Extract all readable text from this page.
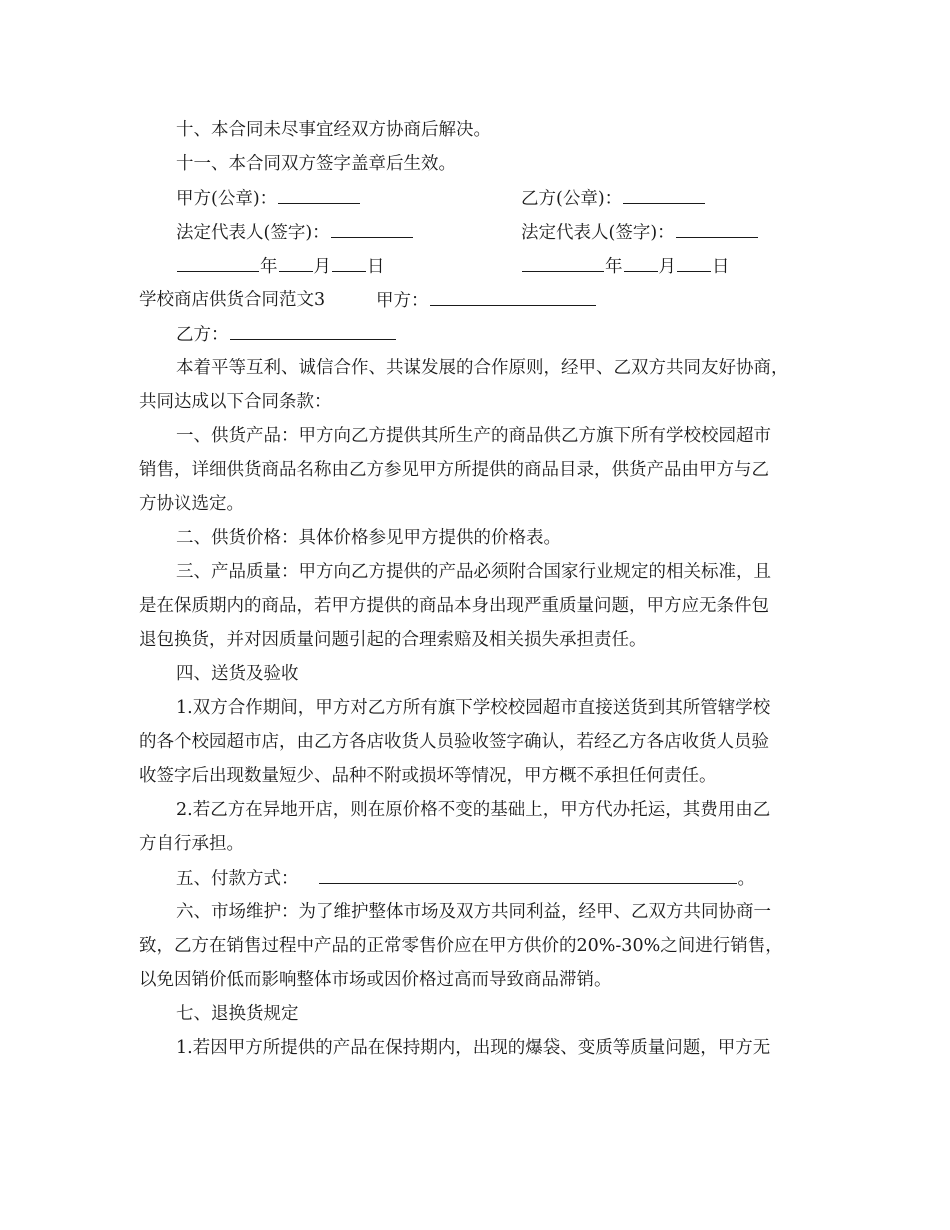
十、本合同未尽事宜经双方协商后解决。
十一、本合同双方签字盖章后生效。
甲方(公章)：	乙方(公章)：
法定代表人(签字)：	法定代表人(签字)：
年 月 日	年 月 日
学校商店供货合同范文3	甲方：
乙方：
本着平等互利、诚信合作、共谋发展的合作原则，经甲、乙双方共同友好协商，
共同达成以下合同条款：
一、供货产品：甲方向乙方提供其所生产的商品供乙方旗下所有学校校园超市
销售，详细供货商品名称由乙方参见甲方所提供的商品目录，供货产品由甲方与乙
方协议选定。
二、供货价格：具体价格参见甲方提供的价格表。
三、产品质量：甲方向乙方提供的产品必须附合国家行业规定的相关标准，且
是在保质期内的商品，若甲方提供的商品本身出现严重质量问题，甲方应无条件包
退包换货，并对因质量问题引起的合理索赔及相关损失承担责任。
四、送货及验收
1.双方合作期间，甲方对乙方所有旗下学校校园超市直接送货到其所管辖学校
的各个校园超市店，由乙方各店收货人员验收签字确认，若经乙方各店收货人员验
收签字后出现数量短少、品种不附或损坏等情况，甲方概不承担任何责任。
2.若乙方在异地开店，则在原价格不变的基础上，甲方代办托运，其费用由乙
方自行承担。
五、付款方式：	。
六、市场维护：为了维护整体市场及双方共同利益，经甲、乙双方共同协商一
致，乙方在销售过程中产品的正常零售价应在甲方供价的20%-30%之间进行销售，
以免因销价低而影响整体市场或因价格过高而导致商品滞销。
七、退换货规定
1.若因甲方所提供的产品在保持期内，出现的爆袋、变质等质量问题，甲方无
